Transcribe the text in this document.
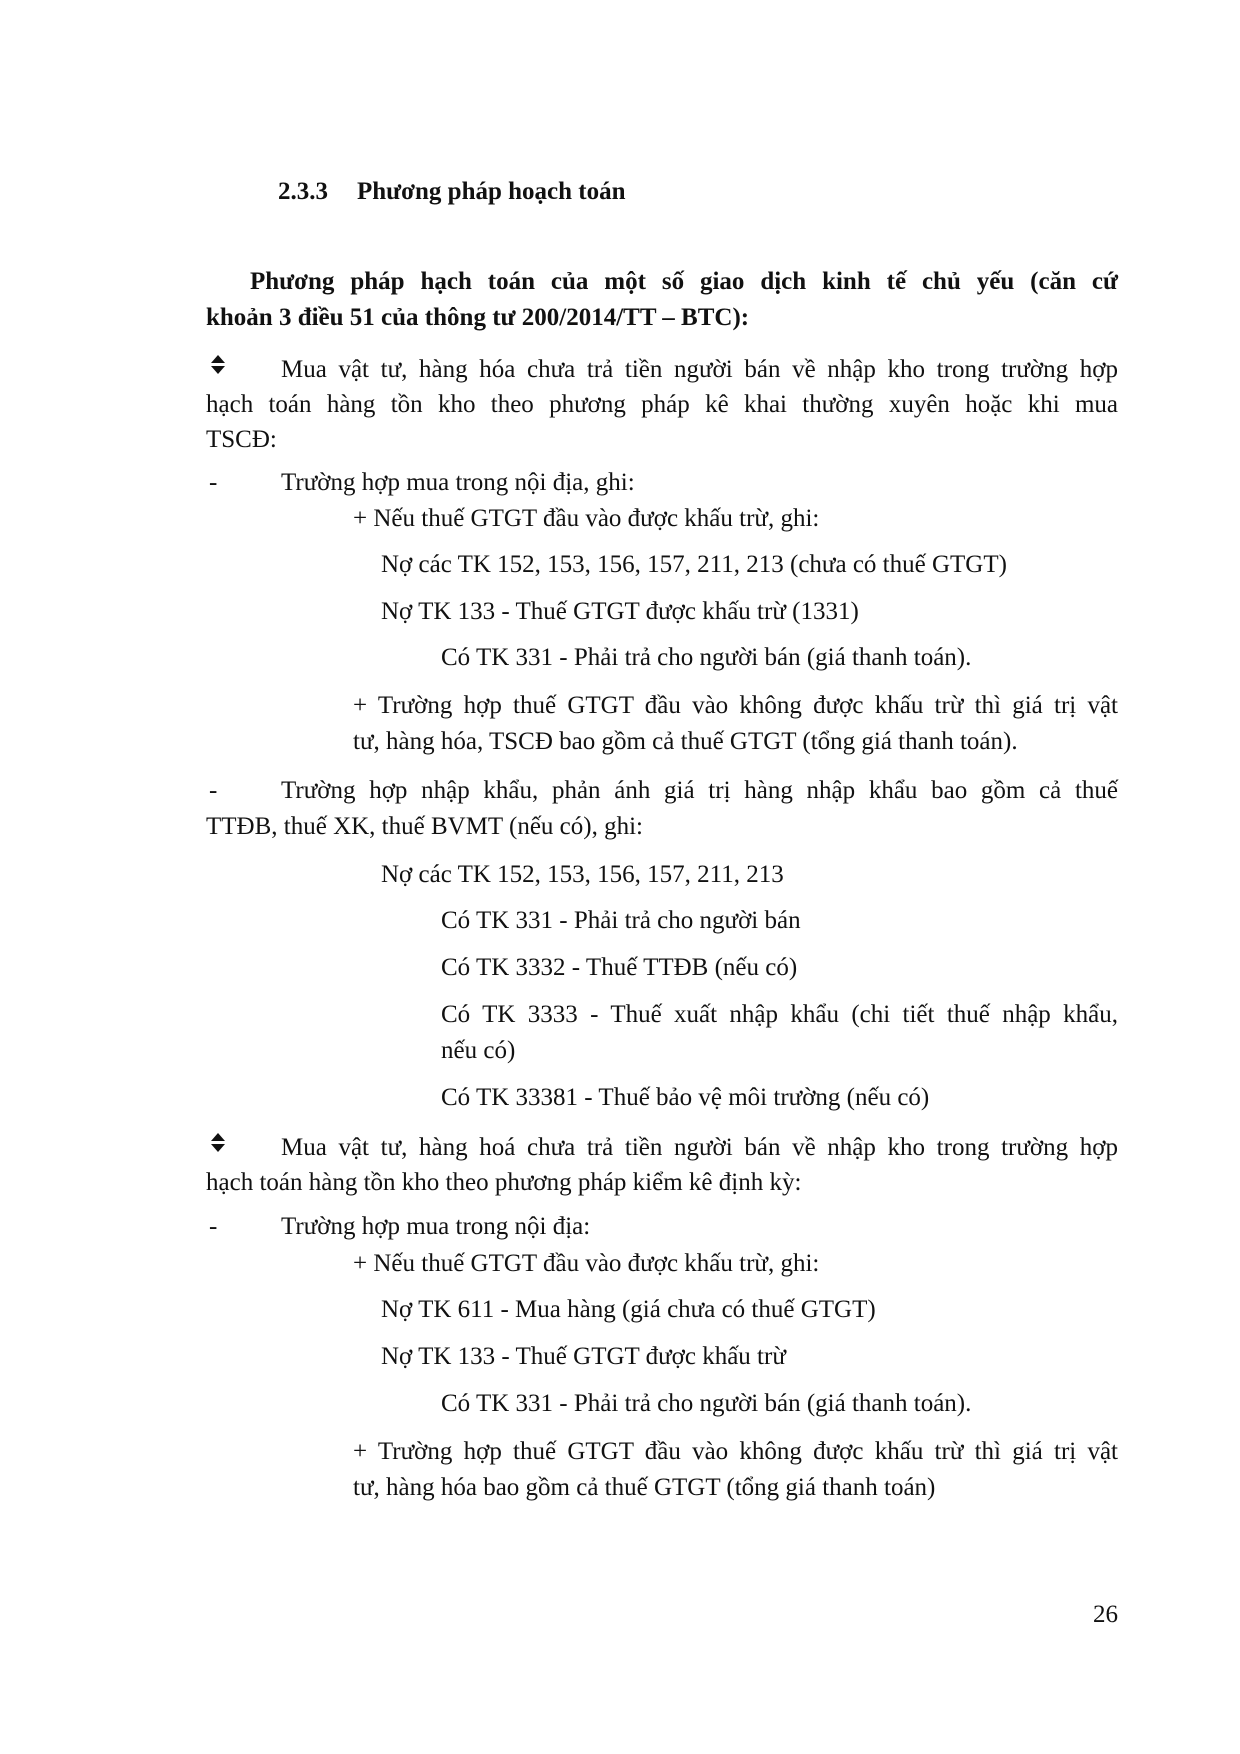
2.3.3 Phương pháp hoạch toán
Phương pháp hạch toán của một số giao dịch kinh tế chủ yếu (căn cứ
khoản 3 điều 51 của thông tư 200/2014/TT – BTC):
Mua vật tư, hàng hóa chưa trả tiền người bán về nhập kho trong trường hợp
hạch toán hàng tồn kho theo phương pháp kê khai thường xuyên hoặc khi mua
TSCĐ:
-	Trường hợp mua trong nội địa, ghi:
+ Nếu thuế GTGT đầu vào được khấu trừ, ghi:
Nợ các TK 152, 153, 156, 157, 211, 213 (chưa có thuế GTGT)
Nợ TK 133 - Thuế GTGT được khấu trừ (1331)
Có TK 331 - Phải trả cho người bán (giá thanh toán).
+ Trường hợp thuế GTGT đầu vào không được khấu trừ thì giá trị vật
tư, hàng hóa, TSCĐ bao gồm cả thuế GTGT (tổng giá thanh toán).
-	Trường hợp nhập khẩu, phản ánh giá trị hàng nhập khẩu bao gồm cả thuế
TTĐB, thuế XK, thuế BVMT (nếu có), ghi:
Nợ các TK 152, 153, 156, 157, 211, 213
Có TK 331 - Phải trả cho người bán
Có TK 3332 - Thuế TTĐB (nếu có)
Có TK 3333 - Thuế xuất nhập khẩu (chi tiết thuế nhập khẩu,
nếu có)
Có TK 33381 - Thuế bảo vệ môi trường (nếu có)
Mua vật tư, hàng hoá chưa trả tiền người bán về nhập kho trong trường hợp
hạch toán hàng tồn kho theo phương pháp kiểm kê định kỳ:
-	Trường hợp mua trong nội địa:
+ Nếu thuế GTGT đầu vào được khấu trừ, ghi:
Nợ TK 611 - Mua hàng (giá chưa có thuế GTGT)
Nợ TK 133 - Thuế GTGT được khấu trừ
Có TK 331 - Phải trả cho người bán (giá thanh toán).
+ Trường hợp thuế GTGT đầu vào không được khấu trừ thì giá trị vật
tư, hàng hóa bao gồm cả thuế GTGT (tổng giá thanh toán)
26
